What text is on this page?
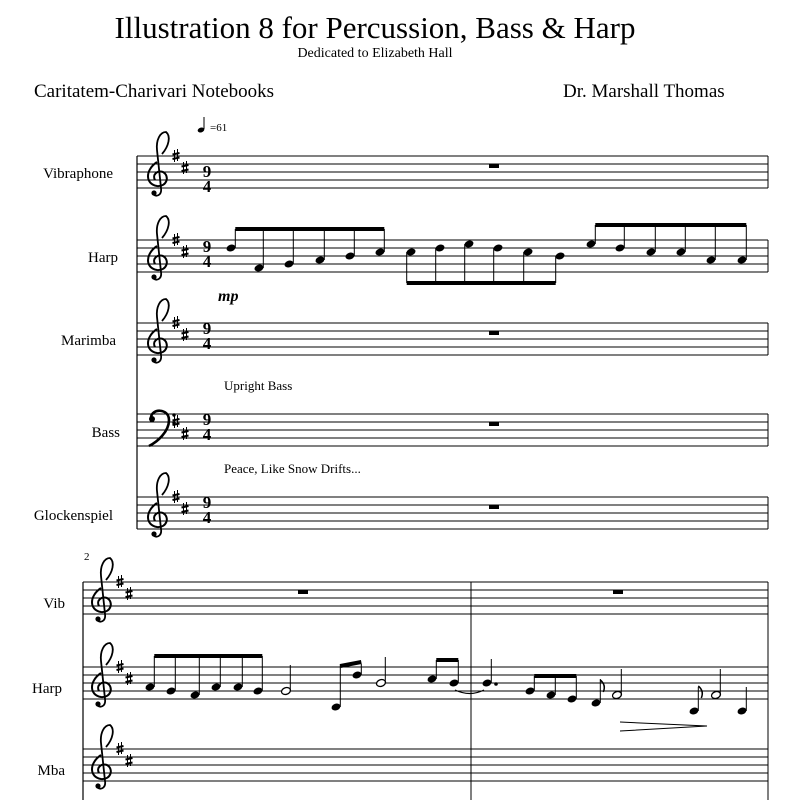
Illustration 8 for Percussion, Bass & Harp
Dedicated to Elizabeth Hall
Caritatem-Charivari Notebooks	Dr. Marshall Thomas
=61
mp
Upright Bass
Peace, Like Snow Drifts...
2
Vibraphone
Harp
Marimba
Bass
Glockenspiel
Vib
Harp
Mba
9
4
9
4
9
4
9
4
9
4
